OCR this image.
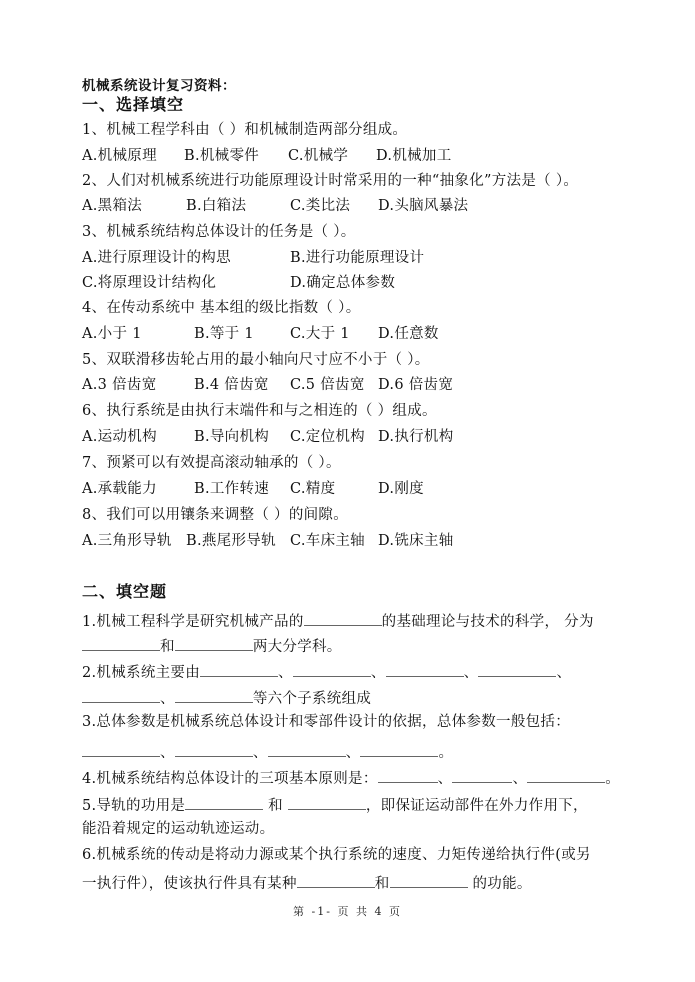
机械系统设计复习资料：
一、选择填空
1、机械工程学科由（ ）和机械制造两部分组成。
A.机械原理 B.机械零件 C.机械学 D.机械加工
2、人们对机械系统进行功能原理设计时常采用的一种“抽象化”方法是（ ）。
A.黑箱法	B.白箱法	C.类比法 D.头脑风暴法
3、机械系统结构总体设计的任务是（ ）。
A.进行原理设计的构思	B.进行功能原理设计
C.将原理设计结构化	D.确定总体参数
4、在传动系统中 基本组的级比指数（ ）。
A.小于 1	B.等于 1 C.大于 1 D.任意数
5、双联滑移齿轮占用的最小轴向尺寸应不小于（ ）。
A.3 倍齿宽	B.4 倍齿宽 C.5 倍齿宽 D.6 倍齿宽
6、执行系统是由执行末端件和与之相连的（ ）组成。
A.运动机构	B.导向机构 C.定位机构 D.执行机构
7、预紧可以有效提高滚动轴承的（ ）。
A.承载能力	B.工作转速 C.精度	D.刚度
8、我们可以用镶条来调整（ ）的间隙。
A.三角形导轨 B.燕尾形导轨 C.车床主轴 D.铣床主轴
二、填空题
1.机械工程科学是研究机械产品的	的基础理论与技术的科学， 分为
和	两大分学科。
2.机械系统主要由	、	、	、	、
、	等六个子系统组成
3.总体参数是机械系统总体设计和零部件设计的依据，总体参数一般包括：
、	、	、	。
4.机械系统结构总体设计的三项基本原则是：	、	、	。
5.导轨的功用是	和	，即保证运动部件在外力作用下，
能沿着规定的运动轨迹运动。
6.机械系统的传动是将动力源或某个执行系统的速度、力矩传递给执行件(或另
一执行件），使该执行件具有某种	和	的功能。
第 -1- 页 共 4 页
